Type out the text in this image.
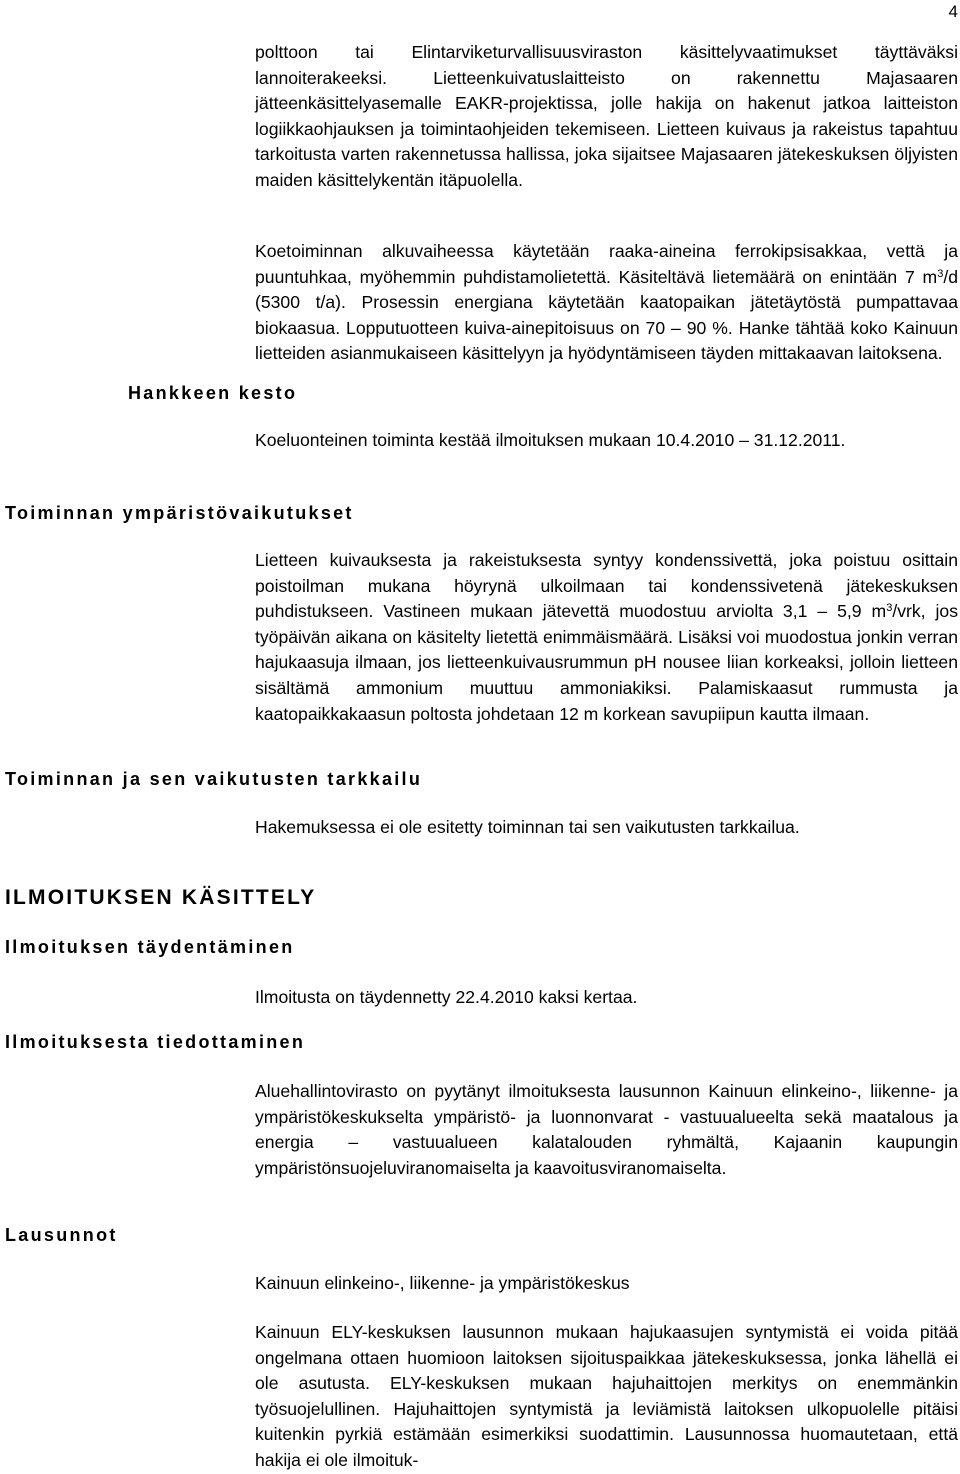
4

polttoon tai Elintarviketurvallisuusviraston käsittelyvaatimukset täyttäväksi lannoiterakeeksi. Lietteenkuivatuslaitteisto on rakennettu Majasaaren jätteenkäsittelyasemalle EAKR-projektissa, jolle hakija on hakenut jatkoa laitteiston logiikkaohjauksen ja toimintaohjeiden tekemiseen. Lietteen kuivaus ja rakeistus tapahtuu tarkoitusta varten rakennetussa hallissa, joka sijaitsee Majasaaren jätekeskuksen öljyisten maiden käsittelykentän itäpuolella.

Koetoiminnan alkuvaiheessa käytetään raaka-aineina ferrokipsisakkaa, vettä ja puuntuhkaa, myöhemmin puhdistamolietettä. Käsiteltävä lietemäärä on enintään 7 $m^3/d$ (5300 t/a). Prosessin energiana käytetään kaatopaikan jätetäytöstä pumpattavaa biokaasua. Lopputuotteen kuiva-ainepitoisuus on 70 – 90 %. Hanke tähtää koko Kainuun lietteiden asianmukaiseen käsittelyyn ja hyödyntämiseen täyden mittakaavan laitoksena.

Hankkeen kesto

Koeluonteinen toiminta kestää ilmoituksen mukaan 10.4.2010 – 31.12.2011.

Toiminnan ympäristövaikutukset

Lietteen kuivauksesta ja rakeistuksesta syntyy kondenssivettä, joka poistuu osittain poistoilman mukana höyrynä ulkoilmaan tai kondenssivetenä jätekeskuksen puhdistukseen. Vastineen mukaan jätevettä muodostuu arviolta 3,1 – 5,9 $m^3$/vrk, jos työpäivän aikana on käsitelty lietettä enimmäismäärä. Lisäksi voi muodostua jonkin verran hajukaasuja ilmaan, jos lietteenkuivausrummun pH nousee liian korkeaksi, jolloin lietteen sisältämä ammonium muuttuu ammoniakiksi. Palamiskaasut rummusta ja kaatopaikkakaasun poltosta johdetaan 12 m korkean savupiipun kautta ilmaan.

Toiminnan ja sen vaikutusten tarkkailu

Hakemuksessa ei ole esitetty toiminnan tai sen vaikutusten tarkkailua.

ILMOITUKSEN KÄSITTELY
Ilmoituksen täydentäminen

Ilmoitusta on täydennetty 22.4.2010 kaksi kertaa.

Ilmoituksesta tiedottaminen

Aluehallintovirasto on pyytänyt ilmoituksesta lausunnon Kainuun elinkeino-, liikenne- ja ympäristökeskukselta ympäristö- ja luonnonvarat - vastuualueelta sekä maatalous ja energia – vastuualueen kalatalouden ryhmältä, Kajaanin kaupungin ympäristönsuojeluviranomaiselta ja kaavoitusviranomaiselta.

Lausunnot

Kainuun elinkeino-, liikenne- ja ympäristökeskus

Kainuun ELY-keskuksen lausunnon mukaan hajukaasujen syntymistä ei voida pitää ongelmana ottaen huomioon laitoksen sijoituspaikkaa jätekeskuksessa, jonka lähellä ei ole asutusta. ELY-keskuksen mukaan hajuhaittojen merkitys on enemmänkin työsuojelullinen. Hajuhaittojen syntymistä ja leviämistä laitoksen ulkopuolelle pitäisi kuitenkin pyrkiä estämään esimerkiksi suodattimin. Lausunnossa huomautetaan, että hakija ei ole ilmoituk-
